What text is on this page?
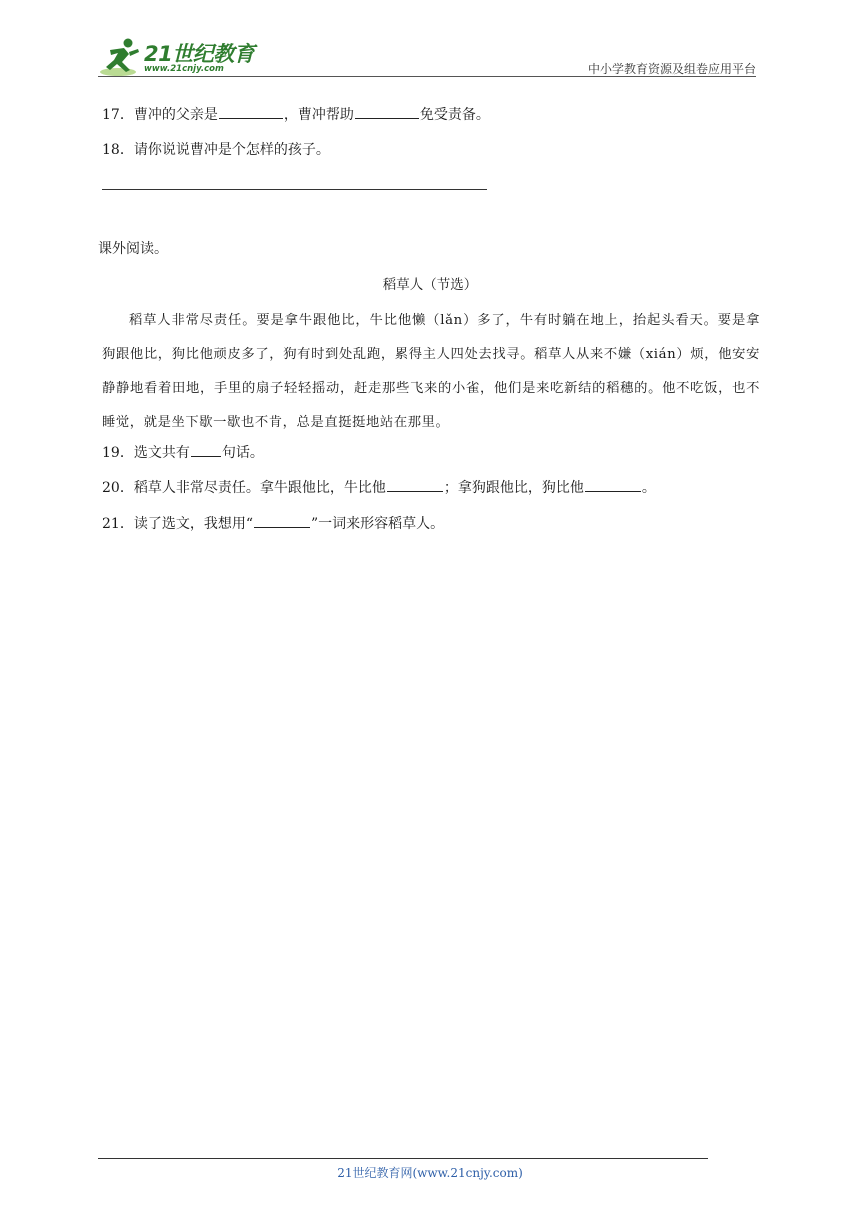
21世纪教育
www.21cnjy.com	中小学教育资源及组卷应用平台
17．曹冲的父亲是	，曹冲帮助	免受责备。
18．请你说说曹冲是个怎样的孩子。
课外阅读。
稻草人（节选）
稻草人非常尽责任。要是拿牛跟他比，牛比他懒（lǎn）多了，牛有时躺在地上，抬起头看天。要是拿狗跟他比，狗比他顽皮多了，狗有时到处乱跑，累得主人四处去找寻。稻草人从来不嫌（xián）烦，他安安静静地看着田地，手里的扇子轻轻摇动，赶走那些飞来的小雀，他们是来吃新结的稻穗的。他不吃饭，也不睡觉，就是坐下歇一歇也不肯，总是直挺挺地站在那里。
19．选文共有 句话。
20．稻草人非常尽责任。拿牛跟他比，牛比他	；拿狗跟他比，狗比他	。
21．读了选文，我想用“	”一词来形容稻草人。
21世纪教育网(www.21cnjy.com)
